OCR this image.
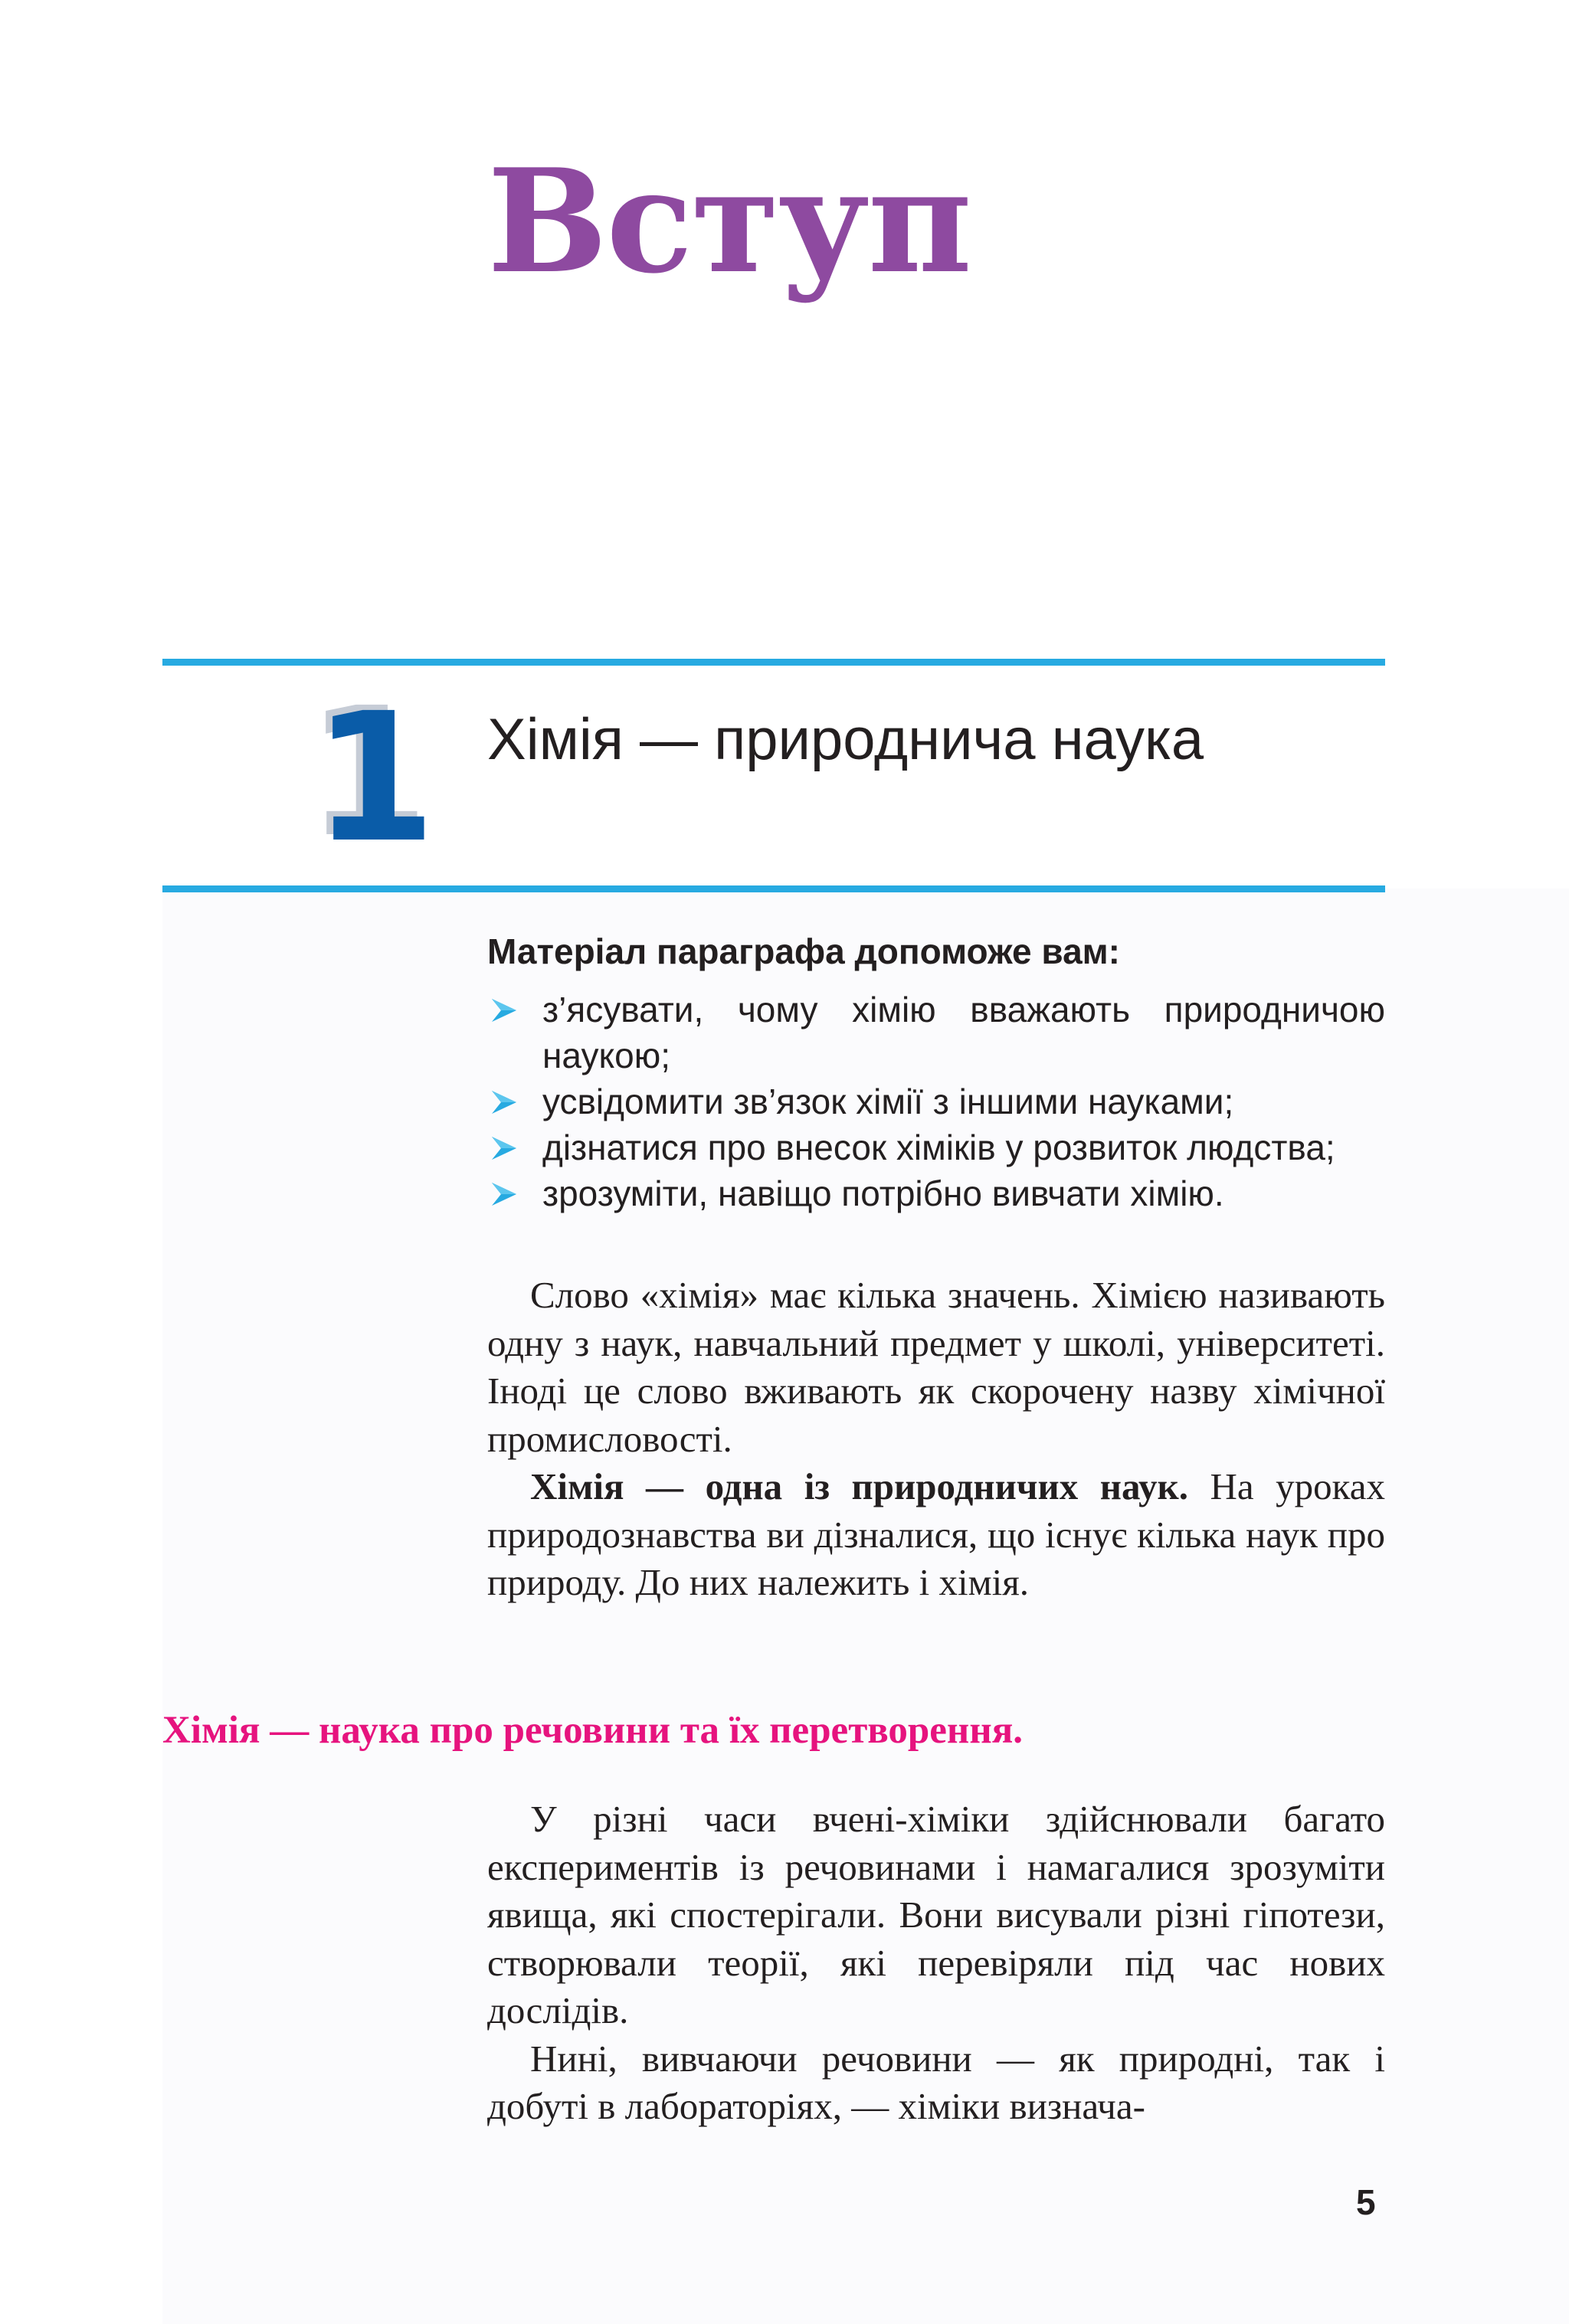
Вступ
1 Хімія — природнича наука

Матеріал параграфа допоможе вам:

з’ясувати, чому хімію вважають природничою наукою;
усвідомити зв’язок хімії з іншими науками;
дізнатися про внесок хіміків у розвиток людства;
зрозуміти, навіщо потрібно вивчати хімію.

Слово «хімія» має кілька значень. Хімією називають одну з наук, навчальний предмет у школі, університеті. Іноді це слово вживають як скорочену назву хімічної промисловості.

Хімія — одна із природничих наук. На уроках природознавства ви дізналися, що існує кілька наук про природу. До них належить і хімія.

Хімія — наука про речовини та їх перетворення.

У різні часи вчені-хіміки здійснювали багато експериментів із речовинами і намагалися зрозуміти явища, які спостерігали. Вони висували різні гіпотези, створювали теорії, які перевіряли під час нових дослідів.

Нині, вивчаючи речовини — як природні, так і добуті в лабораторіях, — хіміки визнача-

5
